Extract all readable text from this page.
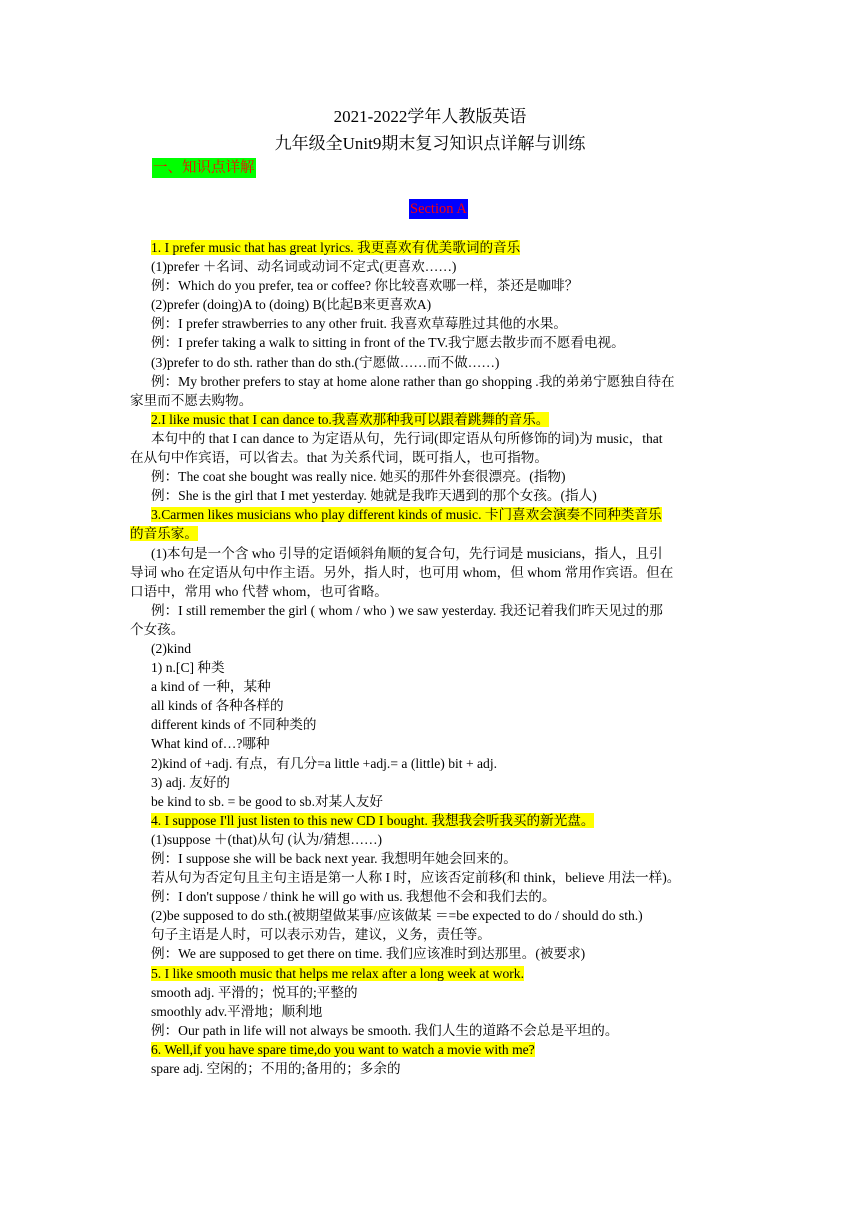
2021-2022学年人教版英语
九年级全Unit9期末复习知识点详解与训练
一、知识点详解
Section A
1. I prefer music that has great lyrics. 我更喜欢有优美歌词的音乐
(1)prefer ＋名词、动名词或动词不定式(更喜欢……)
例：Which do you prefer, tea or coffee? 你比较喜欢哪一样，茶还是咖啡？
(2)prefer (doing)A to (doing) B(比起B来更喜欢A)
例：I prefer strawberries to any other fruit. 我喜欢草莓胜过其他的水果。
例：I prefer taking a walk to sitting in front of the TV.我宁愿去散步而不愿看电视。
(3)prefer to do sth. rather than do sth.(宁愿做……而不做……)
例：My brother prefers to stay at home alone rather than go shopping .我的弟弟宁愿独自待在
家里而不愿去购物。
2.I like music that I can dance to.我喜欢那种我可以跟着跳舞的音乐。
本句中的 that I can dance to 为定语从句，先行词(即定语从句所修饰的词)为 music，that
在从句中作宾语，可以省去。that 为关系代词，既可指人，也可指物。
例：The coat she bought was really nice. 她买的那件外套很漂亮。(指物)
例：She is the girl that I met yesterday. 她就是我昨天遇到的那个女孩。(指人)
3.Carmen likes musicians who play different kinds of music. 卡门喜欢会演奏不同种类音乐
的音乐家。
(1)本句是一个含 who 引导的定语倾斜角顺的复合句，先行词是 musicians，指人，且引
导词 who 在定语从句中作主语。另外，指人时，也可用 whom，但 whom 常用作宾语。但在
口语中，常用 who 代替 whom，也可省略。
例：I still remember the girl ( whom / who ) we saw yesterday. 我还记着我们昨天见过的那
个女孩。
(2)kind
1) n.[C] 种类
a kind of 一种，某种
all kinds of 各种各样的
different kinds of 不同种类的
What kind of…?哪种
2)kind of +adj. 有点，有几分=a little +adj.= a (little) bit + adj.
3) adj. 友好的
be kind to sb. = be good to sb.对某人友好
4. I suppose I'll just listen to this new CD I bought. 我想我会听我买的新光盘。
(1)suppose ＋(that)从句 (认为/猜想……)
例：I suppose she will be back next year. 我想明年她会回来的。
若从句为否定句且主句主语是第一人称 I 时，应该否定前移(和 think，believe 用法一样)。
例：I don't suppose / think he will go with us. 我想他不会和我们去的。
(2)be supposed to do sth.(被期望做某事/应该做某 ＝=be expected to do / should do sth.)
句子主语是人时，可以表示劝告，建议，义务，责任等。
例：We are supposed to get there on time. 我们应该准时到达那里。(被要求)
5. I like smooth music that helps me relax after a long week at work.
smooth adj. 平滑的；悦耳的;平整的
smoothly adv.平滑地；顺利地
例：Our path in life will not always be smooth. 我们人生的道路不会总是平坦的。
6. Well,if you have spare time,do you want to watch a movie with me?
spare adj. 空闲的；不用的;备用的；多余的
